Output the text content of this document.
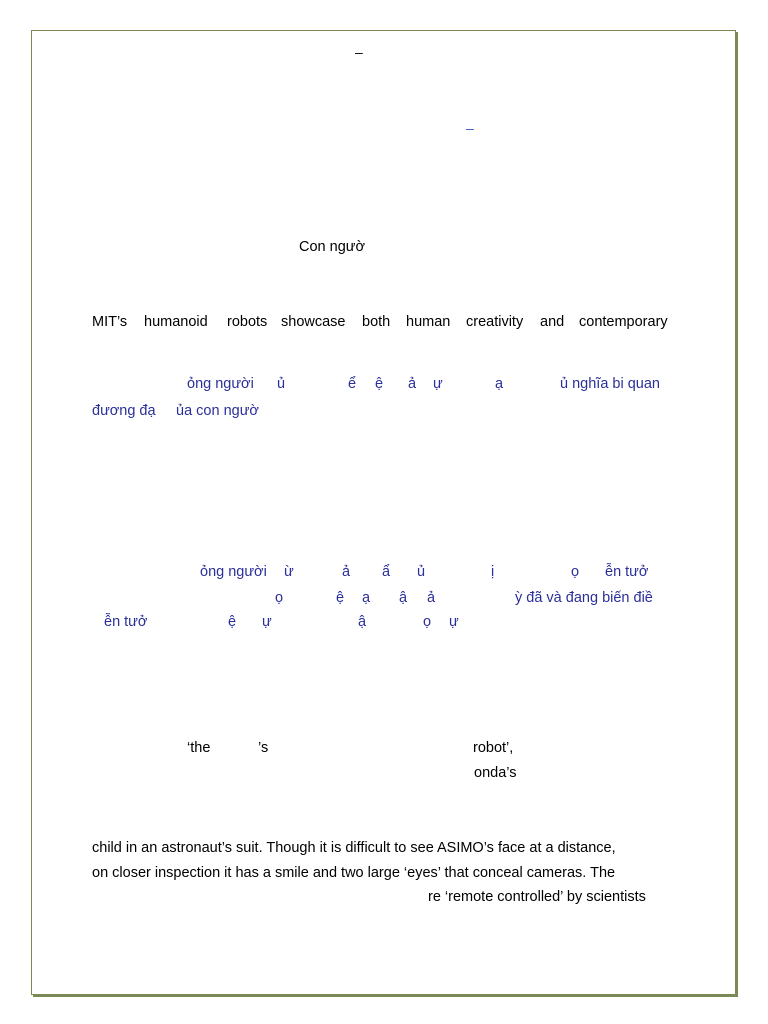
–
–
Con ngườ
MIT’s humanoid robots showcase both human creativity and contemporary
ỏng người ủ	ể ệ ả ự	ạ	ủ nghĩa bi quan
đương đạ ủa con ngườ
ỏng người ừ	ả ẩ ủ	ị	ọ ễn tưở
ọ	ệ ạ ậ ả	ỳ đã và đang biến điề
ễn tưở	ệ ự	ậ	ọ ự
‘the	’s	robot’,
onda’s
child in an astronaut’s suit. Though it is difficult to see ASIMO’s face at a distance,
on closer inspection it has a smile and two large ‘eyes’ that conceal cameras. The
re ‘remote controlled’ by scientists
